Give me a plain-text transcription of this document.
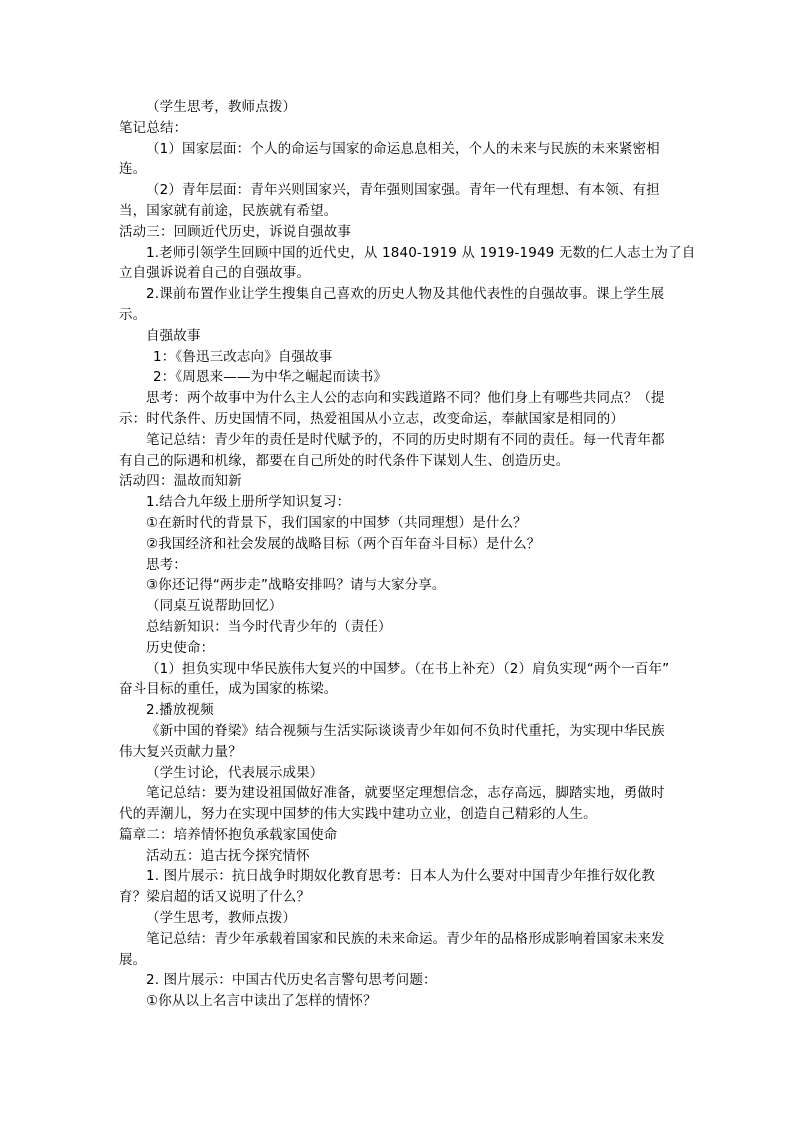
（学生思考，教师点拨）
笔记总结：
（1）国家层面：个人的命运与国家的命运息息相关，个人的未来与民族的未来紧密相
连。
（2）青年层面：青年兴则国家兴，青年强则国家强。青年一代有理想、有本领、有担
当，国家就有前途，民族就有希望。
活动三：回顾近代历史，诉说自强故事
1.老师引领学生回顾中国的近代史，从 1840-1919 从 1919-1949 无数的仁人志士为了自
立自强诉说着自己的自强故事。
2.课前布置作业让学生搜集自己喜欢的历史人物及其他代表性的自强故事。课上学生展
示。
自强故事
1：《鲁迅三改志向》自强故事
2：《周恩来——为中华之崛起而读书》
思考：两个故事中为什么主人公的志向和实践道路不同？他们身上有哪些共同点？（提
示：时代条件、历史国情不同，热爱祖国从小立志，改变命运，奉献国家是相同的）
笔记总结：青少年的责任是时代赋予的，不同的历史时期有不同的责任。每一代青年都
有自己的际遇和机缘，都要在自己所处的时代条件下谋划人生、创造历史。
活动四：温故而知新
1.结合九年级上册所学知识复习：
①在新时代的背景下，我们国家的中国梦（共同理想）是什么？
②我国经济和社会发展的战略目标（两个百年奋斗目标）是什么？
思考：
③你还记得“两步走”战略安排吗？请与大家分享。
（同桌互说帮助回忆）
总结新知识：当今时代青少年的（责任）
历史使命：
（1）担负实现中华民族伟大复兴的中国梦。（在书上补充）（2）肩负实现“两个一百年”
奋斗目标的重任，成为国家的栋梁。
2.播放视频
《新中国的脊梁》结合视频与生活实际谈谈青少年如何不负时代重托，为实现中华民族
伟大复兴贡献力量？
（学生讨论，代表展示成果）
笔记总结：要为建设祖国做好准备，就要坚定理想信念，志存高远，脚踏实地，勇做时
代的弄潮儿，努力在实现中国梦的伟大实践中建功立业，创造自己精彩的人生。
篇章二：培养情怀抱负承载家国使命
活动五：追古抚今探究情怀
1. 图片展示：抗日战争时期奴化教育思考：日本人为什么要对中国青少年推行奴化教
育？梁启超的话又说明了什么？
（学生思考，教师点拨）
笔记总结：青少年承载着国家和民族的未来命运。青少年的品格形成影响着国家未来发
展。
2. 图片展示：中国古代历史名言警句思考问题：
①你从以上名言中读出了怎样的情怀？
